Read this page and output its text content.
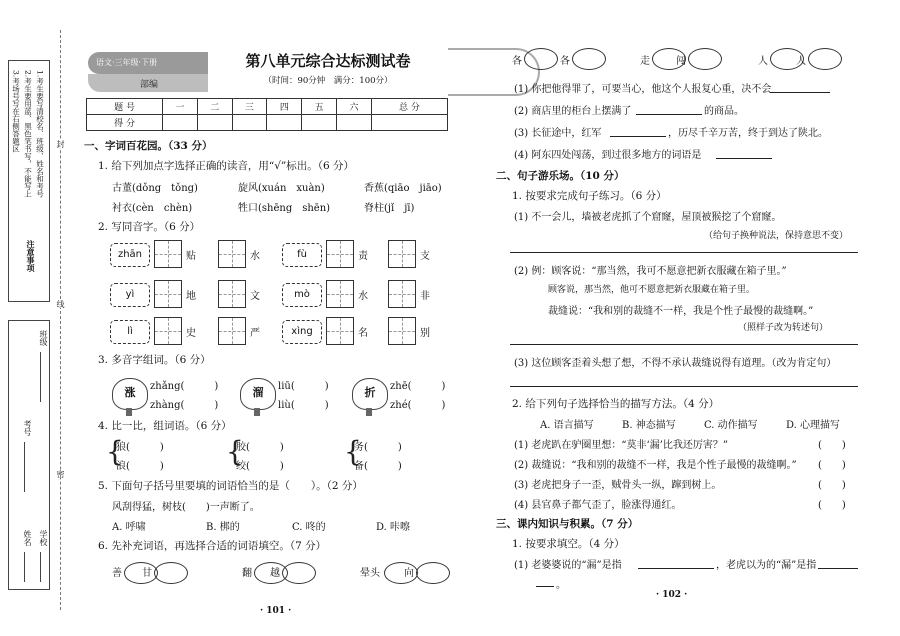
1.考生要写清校名、班级、姓名和考号
2.考生要用蓝、黑色笔书写，不能写上
3.考场号写在右侧答题区
注意事项
封
线
密
班级
考号
学校
姓名
语文·三年级·下册
部编
第八单元综合达标测试卷
（时间：90分钟　满分：100分）
题 号	一	二	三	四	五	六	总 分
得 分							
一、字词百花园。（33 分）
1. 给下列加点字选择正确的读音，用“√”标出。（6 分）
古董(dǒng　tǒng)	旋风(xuán　xuàn)	香蕉(qiāo　jiāo)
衬衣(cèn　chèn)	牲口(shēng　shēn)	脊柱(jǐ　jī)
2. 写同音字。（6 分）
zhān	贴	水	fù	责	支
yì	地	文	mò	水	非
lì	史	严	xìng	名	别
3. 多音字组词。（6 分）
涨	zhǎng(　　　)
zhàng(　　　)
溜	liū(　　　)
liù(　　　)
折	zhē(　　　)
zhé(　　　)
4. 比一比，组词语。（6 分）
{
狼(　　　)
浪(　　　) {
胶(　　　)
绞(　　　) {
务(　　　)
备(　　　)
5. 下面句子括号里要填的词语恰当的是（　　）。（2 分）
风刮得猛，树枝(　　)一声断了。
A. 呼啸	B. 梆的	C. 咚的	D. 咔嚓
6. 先补充词语，再选择合适的词语填空。（7 分）
善 甘	翻 越	晕头 向
· 101 ·
各	各	走	闯	人	人
(1) 你把他得罪了，可要当心，他这个人报复心重，决不会
(2) 商店里的柜台上摆满了	的商品。
(3) 长征途中，红军	，历尽千辛万苦，终于到达了陕北。
(4) 阿东四处闯荡，到过很多地方的词语是
二、句子游乐场。（10 分）
1. 按要求完成句子练习。（6 分）
(1) 不一会儿，墙被老虎抓了个窟窿，屋顶被猴挖了个窟窿。
（给句子换种说法，保持意思不变）
(2) 例：顾客说：“那当然，我可不愿意把新衣服藏在箱子里。”
顾客说，那当然，他可不愿意把新衣服藏在箱子里。
裁缝说：“我和别的裁缝不一样，我是个性子最慢的裁缝啊。”
（照样子改为转述句）
(3) 这位顾客歪着头想了想，不得不承认裁缝说得有道理。（改为肯定句）
2. 给下列句子选择恰当的描写方法。（4 分）
A. 语言描写	B. 神态描写	C. 动作描写	D. 心理描写
(1) 老虎趴在驴圈里想：“莫非‘漏’比我还厉害？”	(　　)
(2) 裁缝说：“我和别的裁缝不一样，我是个性子最慢的裁缝啊。” (　　)
(3) 老虎把身子一歪，贼骨头一纵，蹿到树上。	(　　)
(4) 县官鼻子都气歪了，脸涨得通红。	(　　)
三、课内知识与积累。（7 分）
1. 按要求填空。（4 分）
(1) 老婆婆说的“漏”是指	，老虎以为的“漏”是指
。
· 102 ·
